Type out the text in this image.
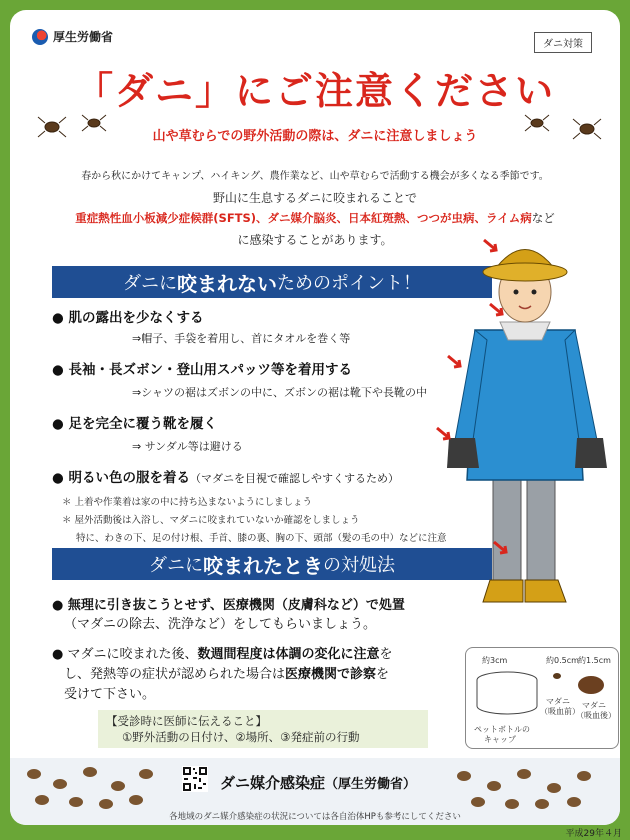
厚生労働省
ダニ対策
「ダニ」にご注意ください
山や草むらでの野外活動の際は、ダニに注意しましょう
春から秋にかけてキャンプ、ハイキング、農作業など、山や草むらで活動する機会が多くなる季節です。
野山に生息するダニに咬まれることで
重症熱性血小板減少症候群(SFTS)、ダニ媒介脳炎、日本紅斑熱、つつが虫病、ライム病など
に感染することがあります。
ダニに 咬まれない ためのポイント！
● 肌の露出を少なくする
⇒帽子、手袋を着用し、首にタオルを巻く等
● 長袖・長ズボン・登山用スパッツ等を着用する
⇒シャツの裾はズボンの中に、ズボンの裾は靴下や長靴の中
● 足を完全に覆う靴を履く
⇒ サンダル等は避ける
● 明るい色の服を着る（マダニを目視で確認しやすくするため）
＊ 上着や作業着は家の中に持ち込まないようにしましょう
＊ 屋外活動後は入浴し、マダニに咬まれていないか確認をしましょう
特に、わきの下、足の付け根、手首、膝の裏、胸の下、頭部（髪の毛の中）などに注意
ダニに 咬まれたとき の対処法
● 無理に引き抜こうとせず、医療機関（皮膚科など）で処置
（マダニの除去、洗浄など）をしてもらいましょう。
● マダニに咬まれた後、数週間程度は体調の変化に注意を
し、発熱等の症状が認められた場合は医療機関で診察を
受けて下さい。
【受診時に医師に伝えること】
①野外活動の日付け、②場所、③発症前の行動
約3cm	約0.5cm 約1.5cm
ペットボトルの
キャップ
マダニ
（吸血前）
マダニ
（吸血後）
ダニ媒介感染症（厚生労働省）
各地域のダニ媒介感染症の状況については各自治体HPも参考にしてください
平成29年４月
